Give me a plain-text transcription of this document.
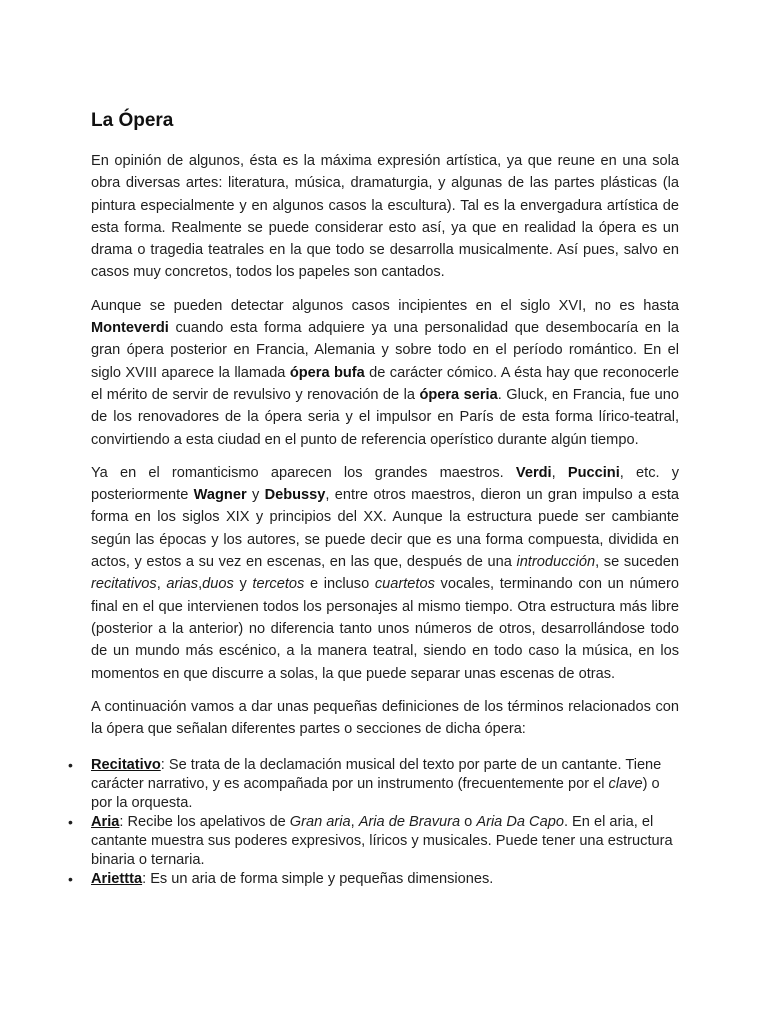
La Ópera

En opinión de algunos, ésta es la máxima expresión artística, ya que reune en una sola obra diversas artes: literatura, música, dramaturgia, y algunas de las partes plásticas (la pintura especialmente y en algunos casos la escultura). Tal es la envergadura artística de esta forma. Realmente se puede considerar esto así, ya que en realidad la ópera es un drama o tragedia teatrales en la que todo se desarrolla musicalmente. Así pues, salvo en casos muy concretos, todos los papeles son cantados.

Aunque se pueden detectar algunos casos incipientes en el siglo XVI, no es hasta Monteverdi cuando esta forma adquiere ya una personalidad que desembocaría en la gran ópera posterior en Francia, Alemania y sobre todo en el período romántico. En el siglo XVIII aparece la llamada ópera bufa de carácter cómico. A ésta hay que reconocerle el mérito de servir de revulsivo y renovación de la ópera seria. Gluck, en Francia, fue uno de los renovadores de la ópera seria y el impulsor en París de esta forma lírico-teatral, convirtiendo a esta ciudad en el punto de referencia operístico durante algún tiempo.

Ya en el romanticismo aparecen los grandes maestros. Verdi, Puccini, etc. y posteriormente Wagner y Debussy, entre otros maestros, dieron un gran impulso a esta forma en los siglos XIX y principios del XX. Aunque la estructura puede ser cambiante según las épocas y los autores, se puede decir que es una forma compuesta, dividida en actos, y estos a su vez en escenas, en las que, después de una introducción, se suceden recitativos, arias,duos y tercetos e incluso cuartetos vocales, terminando con un número final en el que intervienen todos los personajes al mismo tiempo. Otra estructura más libre (posterior a la anterior) no diferencia tanto unos números de otros, desarrollándose todo de un mundo más escénico, a la manera teatral, siendo en todo caso la música, en los momentos en que discurre a solas, la que puede separar unas escenas de otras.

A continuación vamos a dar unas pequeñas definiciones de los términos relacionados con la ópera que señalan diferentes partes o secciones de dicha ópera:

• Recitativo: Se trata de la declamación musical del texto por parte de un cantante. Tiene carácter narrativo, y es acompañada por un instrumento (frecuentemente por el clave) o por la orquesta.
• Aria: Recibe los apelativos de Gran aria, Aria de Bravura o Aria Da Capo. En el aria, el cantante muestra sus poderes expresivos, líricos y musicales. Puede tener una estructura binaria o ternaria.
• Ariettta: Es un aria de forma simple y pequeñas dimensiones.
